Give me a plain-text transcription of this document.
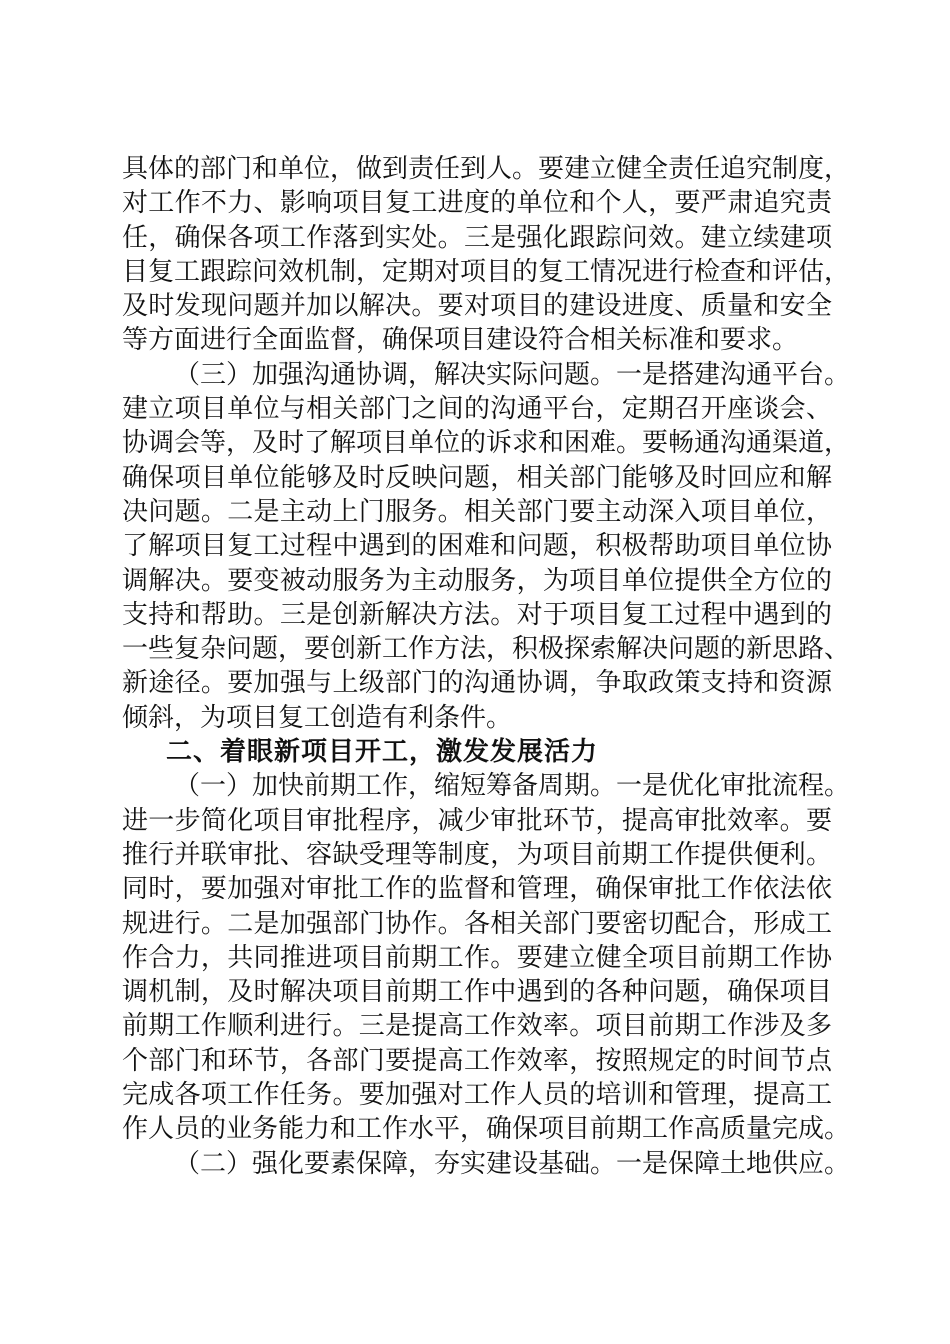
具体的部门和单位，做到责任到人。要建立健全责任追究制度，
对工作不力、影响项目复工进度的单位和个人，要严肃追究责
任，确保各项工作落到实处。三是强化跟踪问效。建立续建项
目复工跟踪问效机制，定期对项目的复工情况进行检查和评估，
及时发现问题并加以解决。要对项目的建设进度、质量和安全
等方面进行全面监督，确保项目建设符合相关标准和要求。
（三）加强沟通协调，解决实际问题。一是搭建沟通平台。
建立项目单位与相关部门之间的沟通平台，定期召开座谈会、
协调会等，及时了解项目单位的诉求和困难。要畅通沟通渠道，
确保项目单位能够及时反映问题，相关部门能够及时回应和解
决问题。二是主动上门服务。相关部门要主动深入项目单位，
了解项目复工过程中遇到的困难和问题，积极帮助项目单位协
调解决。要变被动服务为主动服务，为项目单位提供全方位的
支持和帮助。三是创新解决方法。对于项目复工过程中遇到的
一些复杂问题，要创新工作方法，积极探索解决问题的新思路、
新途径。要加强与上级部门的沟通协调，争取政策支持和资源
倾斜，为项目复工创造有利条件。
二、着眼新项目开工，激发发展活力
（一）加快前期工作，缩短筹备周期。一是优化审批流程。
进一步简化项目审批程序，减少审批环节，提高审批效率。要
推行并联审批、容缺受理等制度，为项目前期工作提供便利。
同时，要加强对审批工作的监督和管理，确保审批工作依法依
规进行。二是加强部门协作。各相关部门要密切配合，形成工
作合力，共同推进项目前期工作。要建立健全项目前期工作协
调机制，及时解决项目前期工作中遇到的各种问题，确保项目
前期工作顺利进行。三是提高工作效率。项目前期工作涉及多
个部门和环节，各部门要提高工作效率，按照规定的时间节点
完成各项工作任务。要加强对工作人员的培训和管理，提高工
作人员的业务能力和工作水平，确保项目前期工作高质量完成。
（二）强化要素保障，夯实建设基础。一是保障土地供应。
